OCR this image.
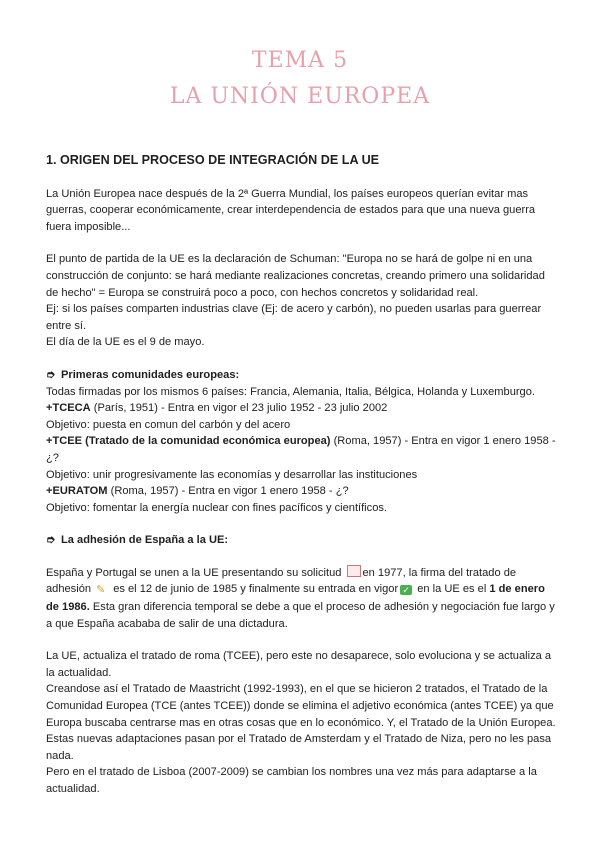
TEMA 5
LA UNIÓN EUROPEA
1. ORIGEN DEL PROCESO DE INTEGRACIÓN DE LA UE

La Unión Europea nace después de la 2ª Guerra Mundial, los países europeos querían evitar mas guerras, cooperar económicamente, crear interdependencia de estados para que una nueva guerra fuera imposible...

El punto de partida de la UE es la declaración de Schuman: "Europa no se hará de golpe ni en una construcción de conjunto: se hará mediante realizaciones concretas, creando primero una solidaridad de hecho" = Europa se construirá poco a poco, con hechos concretos y solidaridad real.

Ej: si los países comparten industrias clave (Ej: de acero y carbón), no pueden usarlas para guerrear entre sí.

El día de la UE es el 9 de mayo.

➮ Primeras comunidades europeas:

Todas firmadas por los mismos 6 países: Francia, Alemania, Italia, Bélgica, Holanda y Luxemburgo.

+TCECA (París, 1951) - Entra en vigor el 23 julio 1952 - 23 julio 2002

Objetivo: puesta en comun del carbón y del acero

+TCEE (Tratado de la comunidad económica europea) (Roma, 1957) - Entra en vigor 1 enero 1958 - ¿?

Objetivo: unir progresivamente las economías y desarrollar las instituciones

+EURATOM (Roma, 1957) - Entra en vigor 1 enero 1958 - ¿?

Objetivo: fomentar la energía nuclear con fines pacíficos y científicos.

➮ La adhesión de España a la UE:

España y Portugal se unen a la UE presentando su solicitud en 1977, la firma del tratado de adhesión ✎ es el 12 de junio de 1985 y finalmente su entrada en vigor ✓ en la UE es el 1 de enero de 1986. Esta gran diferencia temporal se debe a que el proceso de adhesión y negociación fue largo y a que España acababa de salir de una dictadura.

La UE, actualiza el tratado de roma (TCEE), pero este no desaparece, solo evoluciona y se actualiza a la actualidad.

Creandose así el Tratado de Maastricht (1992-1993), en el que se hicieron 2 tratados, el Tratado de la Comunidad Europea (TCE (antes TCEE)) donde se elimina el adjetivo económica (antes TCEE) ya que Europa buscaba centrarse mas en otras cosas que en lo económico. Y, el Tratado de la Unión Europea.

Estas nuevas adaptaciones pasan por el Tratado de Amsterdam y el Tratado de Niza, pero no les pasa nada.

Pero en el tratado de Lisboa (2007-2009) se cambian los nombres una vez más para adaptarse a la actualidad.
